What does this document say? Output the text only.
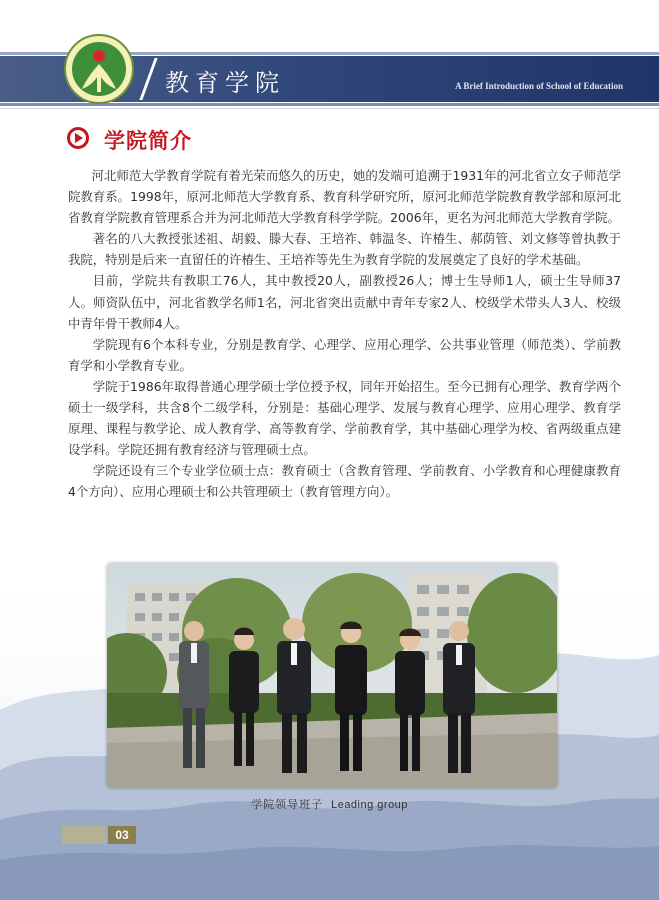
教育学院	A Brief Introduction of School of Education
学院简介

河北师范大学教育学院有着光荣而悠久的历史，她的发端可追溯于1931年的河北省立女子师范学院教育系。1998年，原河北师范大学教育系、教育科学研究所，原河北师范学院教育教学部和原河北省教育学院教育管理系合并为河北师范大学教育科学学院。2006年，更名为河北师范大学教育学院。

著名的八大教授张述祖、胡毅、滕大春、王培祚、韩温冬、许椿生、郝荫管、刘文修等曾执教于我院，特别是后来一直留任的许椿生、王培祚等先生为教育学院的发展奠定了良好的学术基础。

目前，学院共有教职工76人，其中教授20人，副教授26人；博士生导师1人，硕士生导师37人。师资队伍中，河北省教学名师1名，河北省突出贡献中青年专家2人、校级学术带头人3人、校级中青年骨干教师4人。

学院现有6个本科专业，分别是教育学、心理学、应用心理学、公共事业管理（师范类）、学前教育学和小学教育专业。

学院于1986年取得普通心理学硕士学位授予权，同年开始招生。至今已拥有心理学、教育学两个硕士一级学科，共含8个二级学科，分别是：基础心理学、发展与教育心理学、应用心理学、教育学原理、课程与教学论、成人教育学、高等教育学、学前教育学，其中基础心理学为校、省两级重点建设学科。学院还拥有教育经济与管理硕士点。

学院还设有三个专业学位硕士点：教育硕士（含教育管理、学前教育、小学教育和心理健康教育4个方向）、应用心理硕士和公共管理硕士（教育管理方向）。

学院领导班子 Leading group
03
